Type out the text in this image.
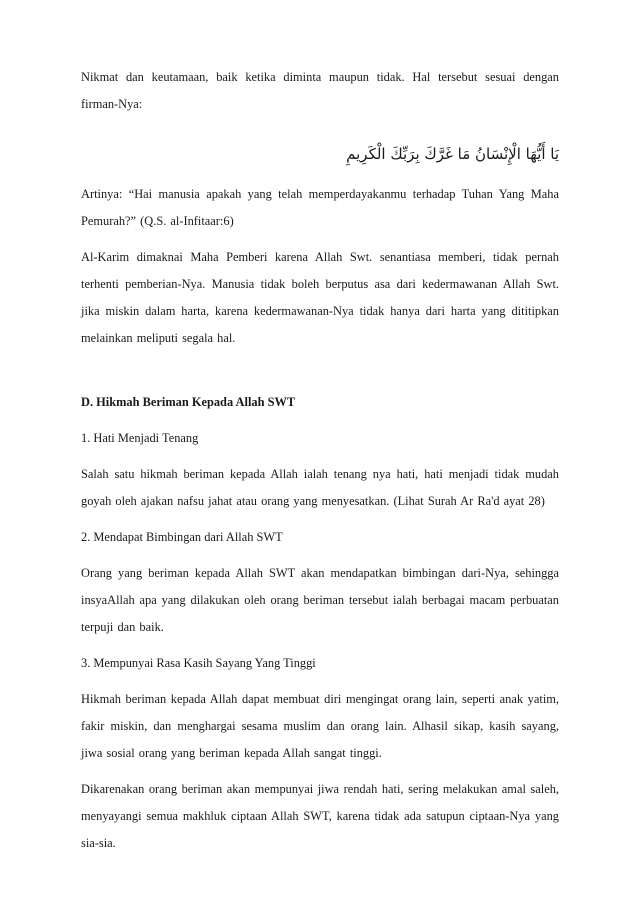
Nikmat dan keutamaan, baik ketika diminta maupun tidak. Hal tersebut sesuai dengan firman-Nya:

يَا أَيُّهَا الْإِنْسَانُ مَا غَرَّكَ بِرَبِّكَ الْكَرِيمِ

Artinya: “Hai manusia apakah yang telah memperdayakanmu terhadap Tuhan Yang Maha Pemurah?” (Q.S. al-Infitaar:6)

Al-Karim dimaknai Maha Pemberi karena Allah Swt. senantiasa memberi, tidak pernah terhenti pemberian-Nya. Manusia tidak boleh berputus asa dari kedermawanan Allah Swt. jika miskin dalam harta, karena kedermawanan-Nya tidak hanya dari harta yang dititipkan melainkan meliputi segala hal.

D. Hikmah Beriman Kepada Allah SWT

1. Hati Menjadi Tenang

Salah satu hikmah beriman kepada Allah ialah tenang nya hati, hati menjadi tidak mudah goyah oleh ajakan nafsu jahat atau orang yang menyesatkan. (Lihat Surah Ar Ra'd ayat 28)

2. Mendapat Bimbingan dari Allah SWT

Orang yang beriman kepada Allah SWT akan mendapatkan bimbingan dari-Nya, sehingga insyaAllah apa yang dilakukan oleh orang beriman tersebut ialah berbagai macam perbuatan terpuji dan baik.

3. Mempunyai Rasa Kasih Sayang Yang Tinggi

Hikmah beriman kepada Allah dapat membuat diri mengingat orang lain, seperti anak yatim, fakir miskin, dan menghargai sesama muslim dan orang lain. Alhasil sikap, kasih sayang, jiwa sosial orang yang beriman kepada Allah sangat tinggi.

Dikarenakan orang beriman akan mempunyai jiwa rendah hati, sering melakukan amal saleh, menyayangi semua makhluk ciptaan Allah SWT, karena tidak ada satupun ciptaan-Nya yang sia-sia.
